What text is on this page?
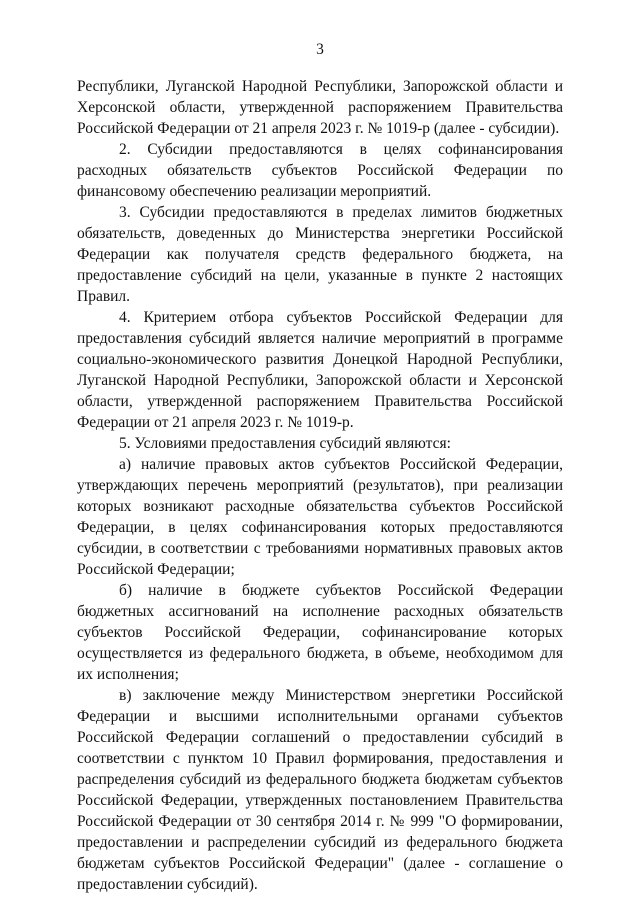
3

Республики, Луганской Народной Республики, Запорожской области и Херсонской области, утвержденной распоряжением Правительства Российской Федерации от 21 апреля 2023 г. № 1019-р (далее - субсидии).

2. Субсидии предоставляются в целях софинансирования расходных обязательств субъектов Российской Федерации по финансовому обеспечению реализации мероприятий.

3. Субсидии предоставляются в пределах лимитов бюджетных обязательств, доведенных до Министерства энергетики Российской Федерации как получателя средств федерального бюджета, на предоставление субсидий на цели, указанные в пункте 2 настоящих Правил.

4. Критерием отбора субъектов Российской Федерации для предоставления субсидий является наличие мероприятий в программе социально-экономического развития Донецкой Народной Республики, Луганской Народной Республики, Запорожской области и Херсонской области, утвержденной распоряжением Правительства Российской Федерации от 21 апреля 2023 г. № 1019-р.

5. Условиями предоставления субсидий являются:

а) наличие правовых актов субъектов Российской Федерации, утверждающих перечень мероприятий (результатов), при реализации которых возникают расходные обязательства субъектов Российской Федерации, в целях софинансирования которых предоставляются субсидии, в соответствии с требованиями нормативных правовых актов Российской Федерации;

б) наличие в бюджете субъектов Российской Федерации бюджетных ассигнований на исполнение расходных обязательств субъектов Российской Федерации, софинансирование которых осуществляется из федерального бюджета, в объеме, необходимом для их исполнения;

в) заключение между Министерством энергетики Российской Федерации и высшими исполнительными органами субъектов Российской Федерации соглашений о предоставлении субсидий в соответствии с пунктом 10 Правил формирования, предоставления и распределения субсидий из федерального бюджета бюджетам субъектов Российской Федерации, утвержденных постановлением Правительства Российской Федерации от 30 сентября 2014 г. № 999 "О формировании, предоставлении и распределении субсидий из федерального бюджета бюджетам субъектов Российской Федерации" (далее - соглашение о предоставлении субсидий).
